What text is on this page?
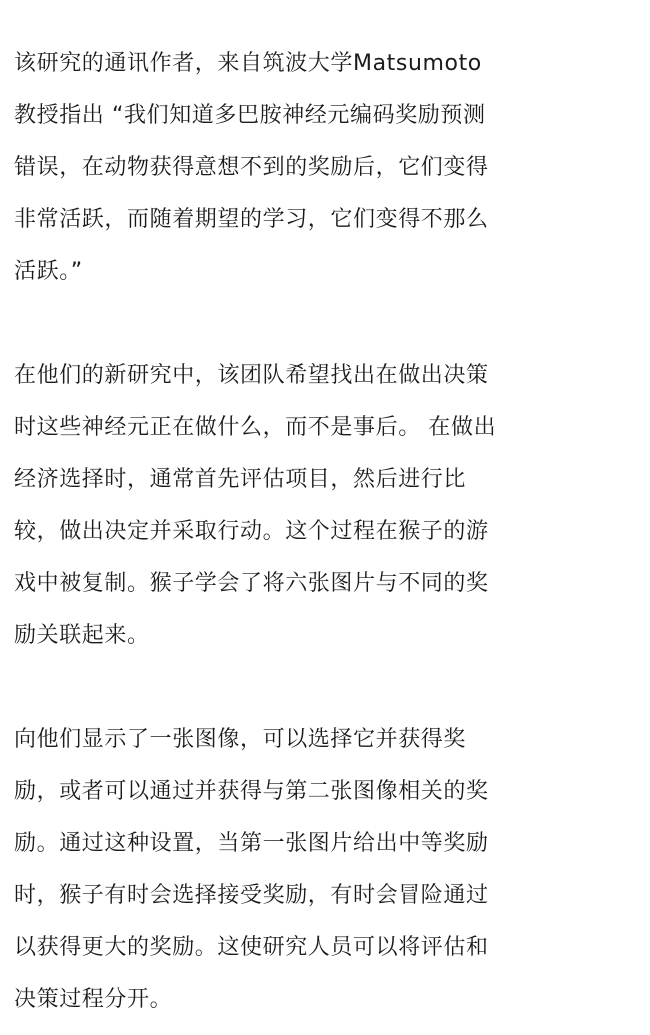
该研究的通讯作者，来自筑波大学Matsumoto
教授指出 “我们知道多巴胺神经元编码奖励预测
错误，在动物获得意想不到的奖励后，它们变得
非常活跃，而随着期望的学习，它们变得不那么
活跃。”

在他们的新研究中，该团队希望找出在做出决策
时这些神经元正在做什么，而不是事后。 在做出
经济选择时，通常首先评估项目，然后进行比
较，做出决定并采取行动。这个过程在猴子的游
戏中被复制。猴子学会了将六张图片与不同的奖
励关联起来。

向他们显示了一张图像，可以选择它并获得奖
励，或者可以通过并获得与第二张图像相关的奖
励。通过这种设置，当第一张图片给出中等奖励
时，猴子有时会选择接受奖励，有时会冒险通过
以获得更大的奖励。这使研究人员可以将评估和
决策过程分开。
